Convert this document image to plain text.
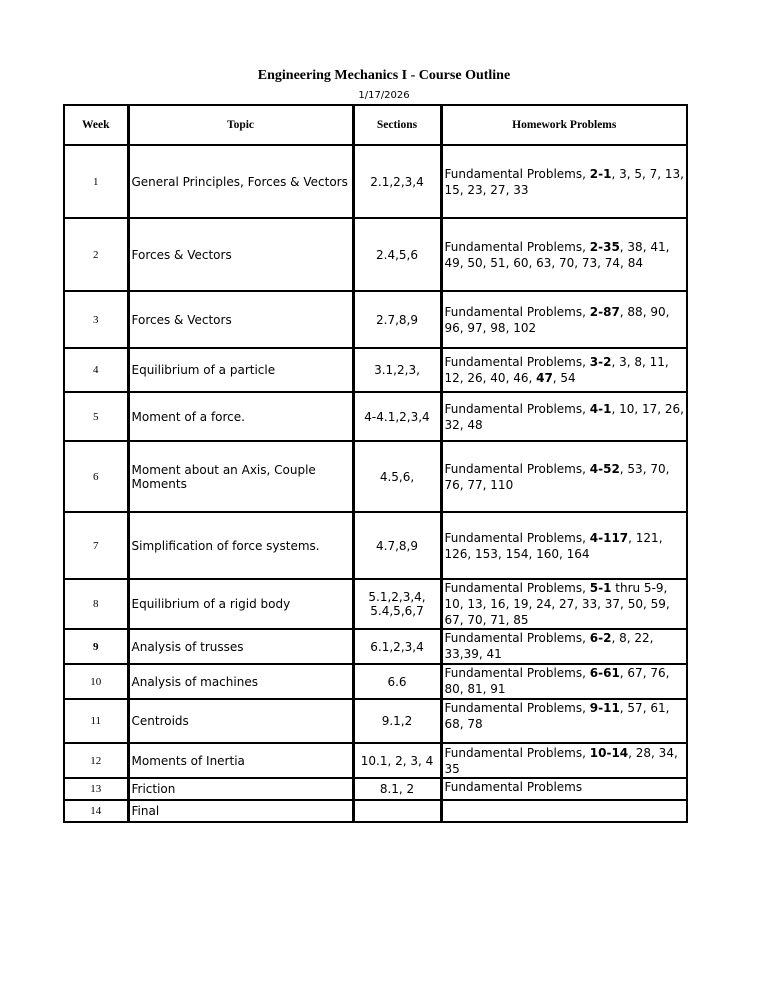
Engineering Mechanics I - Course Outline
1/17/2026
Week	Topic	Sections	Homework Problems
1	General Principles, Forces & Vectors	2.1,2,3,4	Fundamental Problems, 2-1, 3, 5, 7, 13, 15, 23, 27, 33
2	Forces & Vectors	2.4,5,6	Fundamental Problems, 2-35, 38, 41, 49, 50, 51, 60, 63, 70, 73, 74, 84
3	Forces & Vectors	2.7,8,9	Fundamental Problems, 2-87, 88, 90, 96, 97, 98, 102
4	Equilibrium of a particle	3.1,2,3,	Fundamental Problems, 3-2, 3, 8, 11, 12, 26, 40, 46, 47, 54
5	Moment of a force.	4-4.1,2,3,4	Fundamental Problems, 4-1, 10, 17, 26, 32, 48
6	Moment about an Axis, Couple Moments	4.5,6,	Fundamental Problems, 4-52, 53, 70, 76, 77, 110
7	Simplification of force systems.	4.7,8,9	Fundamental Problems, 4-117, 121, 126, 153, 154, 160, 164
8	Equilibrium of a rigid body	5.1,2,3,4, 5.4,5,6,7	Fundamental Problems, 5-1 thru 5-9, 10, 13, 16, 19, 24, 27, 33, 37, 50, 59, 67, 70, 71, 85
9	Analysis of trusses	6.1,2,3,4	Fundamental Problems, 6-2, 8, 22, 33,39, 41
10	Analysis of machines	6.6	Fundamental Problems, 6-61, 67, 76, 80, 81, 91
11	Centroids	9.1,2	Fundamental Problems, 9-11, 57, 61, 68, 78
12	Moments of Inertia	10.1, 2, 3, 4	Fundamental Problems, 10-14, 28, 34, 35
13	Friction	8.1, 2	Fundamental Problems
14	Final		
